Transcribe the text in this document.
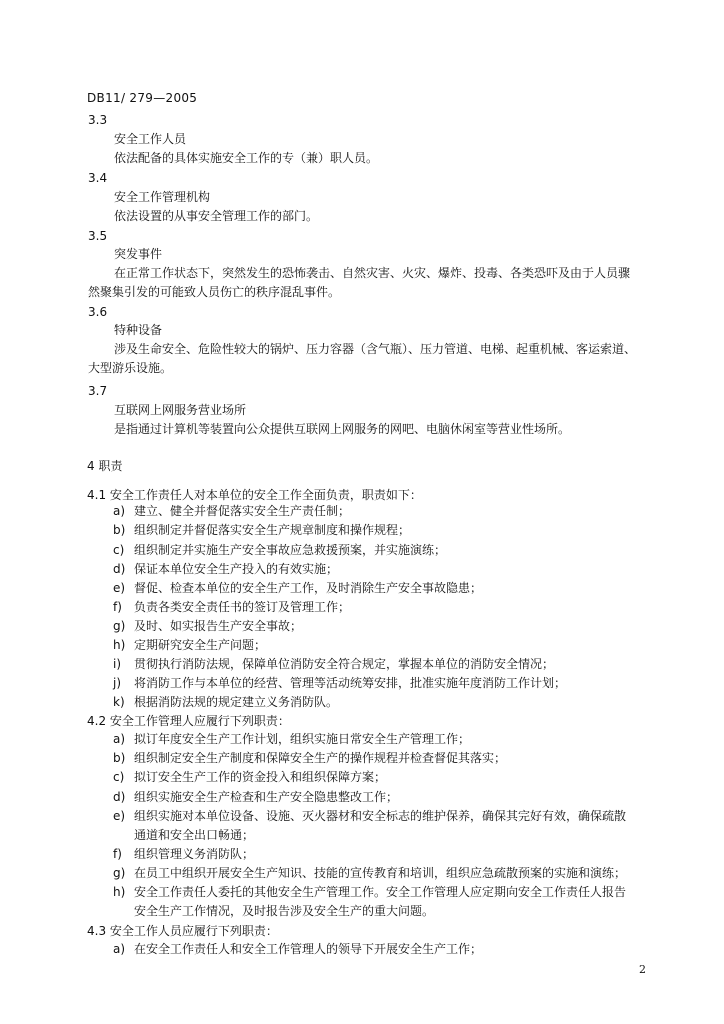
DB11/ 279—2005
3.3
安全工作人员
依法配备的具体实施安全工作的专（兼）职人员。
3.4
安全工作管理机构
依法设置的从事安全管理工作的部门。
3.5
突发事件
在正常工作状态下，突然发生的恐怖袭击、自然灾害、火灾、爆炸、投毒、各类恐吓及由于人员骤
然聚集引发的可能致人员伤亡的秩序混乱事件。
3.6
特种设备
涉及生命安全、危险性较大的锅炉、压力容器（含气瓶）、压力管道、电梯、起重机械、客运索道、
大型游乐设施。
3.7
互联网上网服务营业场所
是指通过计算机等装置向公众提供互联网上网服务的网吧、电脑休闲室等营业性场所。
4 职责
4.1 安全工作责任人对本单位的安全工作全面负责，职责如下：
a) 建立、健全并督促落实安全生产责任制；
b) 组织制定并督促落实安全生产规章制度和操作规程；
c) 组织制定并实施生产安全事故应急救援预案，并实施演练；
d) 保证本单位安全生产投入的有效实施；
e) 督促、检查本单位的安全生产工作，及时消除生产安全事故隐患；
f)	负责各类安全责任书的签订及管理工作；
g) 及时、如实报告生产安全事故；
h) 定期研究安全生产问题；
i)	贯彻执行消防法规，保障单位消防安全符合规定，掌握本单位的消防安全情况；
j)	将消防工作与本单位的经营、管理等活动统筹安排，批准实施年度消防工作计划；
k) 根据消防法规的规定建立义务消防队。
4.2 安全工作管理人应履行下列职责：
a) 拟订年度安全生产工作计划，组织实施日常安全生产管理工作；
b) 组织制定安全生产制度和保障安全生产的操作规程并检查督促其落实；
c) 拟订安全生产工作的资金投入和组织保障方案；
d) 组织实施安全生产检查和生产安全隐患整改工作；
e) 组织实施对本单位设备、设施、灭火器材和安全标志的维护保养，确保其完好有效，确保疏散
通道和安全出口畅通；
f)	组织管理义务消防队；
g) 在员工中组织开展安全生产知识、技能的宣传教育和培训，组织应急疏散预案的实施和演练；
h) 安全工作责任人委托的其他安全生产管理工作。安全工作管理人应定期向安全工作责任人报告
安全生产工作情况，及时报告涉及安全生产的重大问题。
4.3 安全工作人员应履行下列职责：
a) 在安全工作责任人和安全工作管理人的领导下开展安全生产工作；
2
